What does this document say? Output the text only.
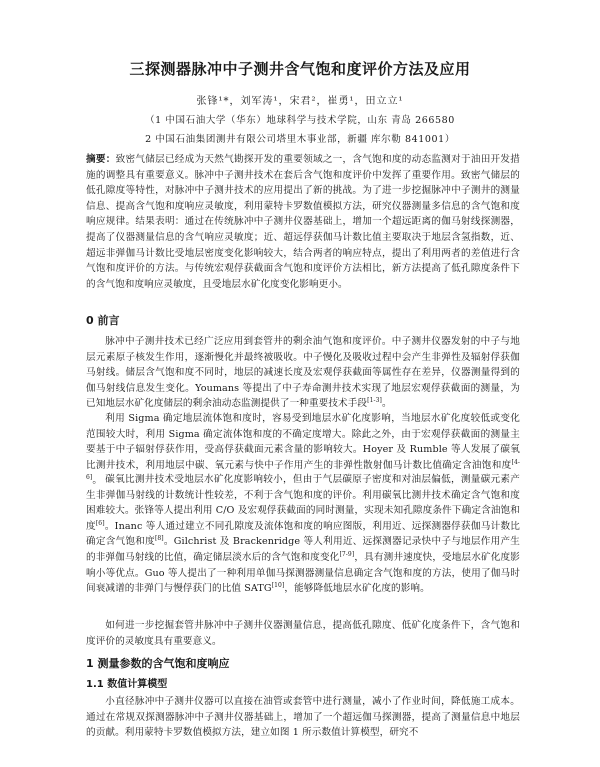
三探测器脉冲中子测井含气饱和度评价方法及应用
张锋¹*，刘军涛¹，宋君²，崔勇¹，田立立¹
（1 中国石油大学（华东）地球科学与技术学院，山东 青岛 266580
2 中国石油集团测井有限公司塔里木事业部，新疆 库尔勒 841001）
摘要：致密气储层已经成为天然气勘探开发的重要领域之一，含气饱和度的动态监测对于油田开发措施的调整具有重要意义。脉冲中子测井技术在套后含气饱和度评价中发挥了重要作用。致密气储层的低孔隙度等特性，对脉冲中子测井技术的应用提出了新的挑战。为了进一步挖掘脉冲中子测井的测量信息、提高含气饱和度响应灵敏度，利用蒙特卡罗数值模拟方法，研究仪器测量多信息的含气饱和度响应规律。结果表明：通过在传统脉冲中子测井仪器基础上，增加一个超远距离的伽马射线探测器，提高了仪器测量信息的含气响应灵敏度；近、超远俘获伽马计数比值主要取决于地层含氢指数，近、超远非弹伽马计数比受地层密度变化影响较大，结合两者的响应特点，提出了利用两者的差值进行含气饱和度评价的方法。与传统宏观俘获截面含气饱和度评价方法相比，新方法提高了低孔隙度条件下的含气饱和度响应灵敏度，且受地层水矿化度变化影响更小。
0 前言
脉冲中子测井技术已经广泛应用到套管井的剩余油气饱和度评价。中子测井仪器发射的中子与地层元素原子核发生作用，逐渐慢化并最终被吸收。中子慢化及吸收过程中会产生非弹性及辐射俘获伽马射线。储层含气饱和度不同时，地层的减速长度及宏观俘获截面等属性存在差异，仪器测量得到的伽马射线信息发生变化。Youmans 等提出了中子寿命测井技术实现了地层宏观俘获截面的测量，为已知地层水矿化度储层的剩余油动态监测提供了一种重要技术手段[1-3]。
利用 Sigma 确定地层流体饱和度时，容易受到地层水矿化度影响，当地层水矿化度较低或变化范围较大时，利用 Sigma 确定流体饱和度的不确定度增大。除此之外，由于宏观俘获截面的测量主要基于中子辐射俘获作用，受高俘获截面元素含量的影响较大。Hoyer 及 Rumble 等人发展了碳氧比测井技术，利用地层中碳、氧元素与快中子作用产生的非弹性散射伽马计数比值确定含油饱和度[4-6]。 碳氧比测井技术受地层水矿化度影响较小，但由于气层碳原子密度和对油层偏低，测量碳元素产生非弹伽马射线的计数统计性较差，不利于含气饱和度的评价。利用碳氧比测井技术确定含气饱和度困难较大。张锋等人提出利用 C/O 及宏观俘获截面的同时测量，实现未知孔隙度条件下确定含油饱和度[6]。Inanc 等人通过建立不同孔隙度及流体饱和度的响应图版，利用近、远探测器俘获伽马计数比确定含气饱和度[8]。Gilchrist 及 Brackenridge 等人利用近、远探测器记录快中子与地层作用产生的非弹伽马射线的比值，确定储层淡水后的含气饱和度变化[7-9]，具有测井速度快，受地层水矿化度影响小等优点。Guo 等人提出了一种利用单伽马探测器测量信息确定含气饱和度的方法，使用了伽马时间衰减谱的非弹门与慢俘获门的比值 SATG[10]，能够降低地层水矿化度的影响。
如何进一步挖掘套管井脉冲中子测井仪器测量信息，提高低孔隙度、低矿化度条件下，含气饱和度评价的灵敏度具有重要意义。
1 测量参数的含气饱和度响应
1.1 数值计算模型
小直径脉冲中子测井仪器可以直接在油管或套管中进行测量，减小了作业时间，降低施工成本。通过在常规双探测器脉冲中子测井仪器基础上，增加了一个超远伽马探测器，提高了测量信息中地层的贡献。利用蒙特卡罗数值模拟方法，建立如图 1 所示数值计算模型，研究不
